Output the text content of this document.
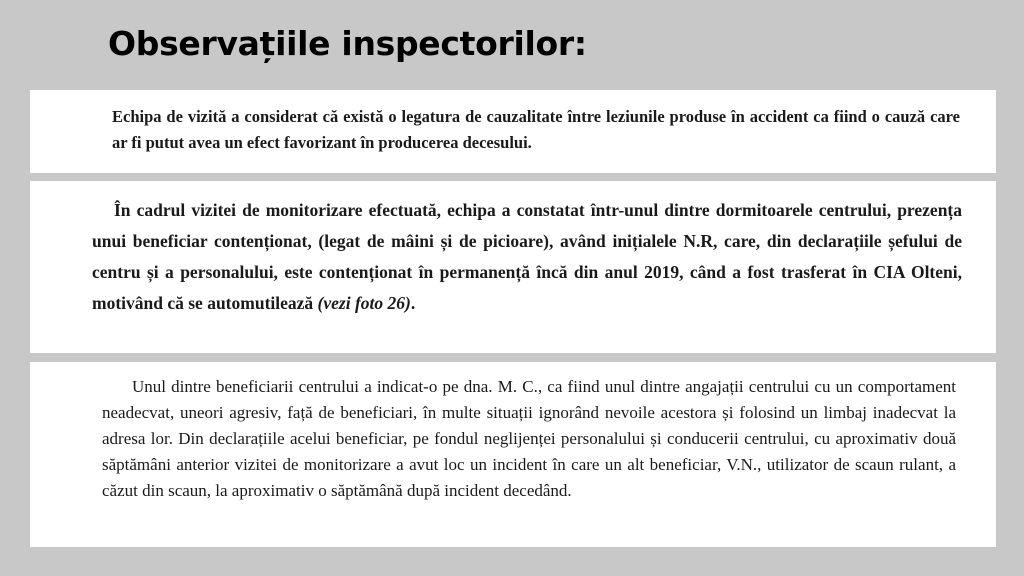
Observațiile inspectorilor:
Echipa de vizită a considerat că există o legatura de cauzalitate între leziunile produse în accident ca fiind o cauză care ar fi putut avea un efect favorizant în producerea decesului.
În cadrul vizitei de monitorizare efectuată, echipa a constatat într-unul dintre dormitoarele centrului, prezența unui beneficiar contenționat, (legat de mâini și de picioare), având inițialele N.R, care, din declarațiile șefului de centru și a personalului, este contenționat în permanență încă din anul 2019, când a fost trasferat în CIA Olteni, motivând că se automutilează (vezi foto 26).
Unul dintre beneficiarii centrului a indicat-o pe dna. M. C., ca fiind unul dintre angajații centrului cu un comportament neadecvat, uneori agresiv, față de beneficiari, în multe situații ignorând nevoile acestora și folosind un limbaj inadecvat la adresa lor. Din declarațiile acelui beneficiar, pe fondul neglijenței personalului și conducerii centrului, cu aproximativ două săptămâni anterior vizitei de monitorizare a avut loc un incident în care un alt beneficiar, V.N., utilizator de scaun rulant, a căzut din scaun, la aproximativ o săptămână după incident decedând.
